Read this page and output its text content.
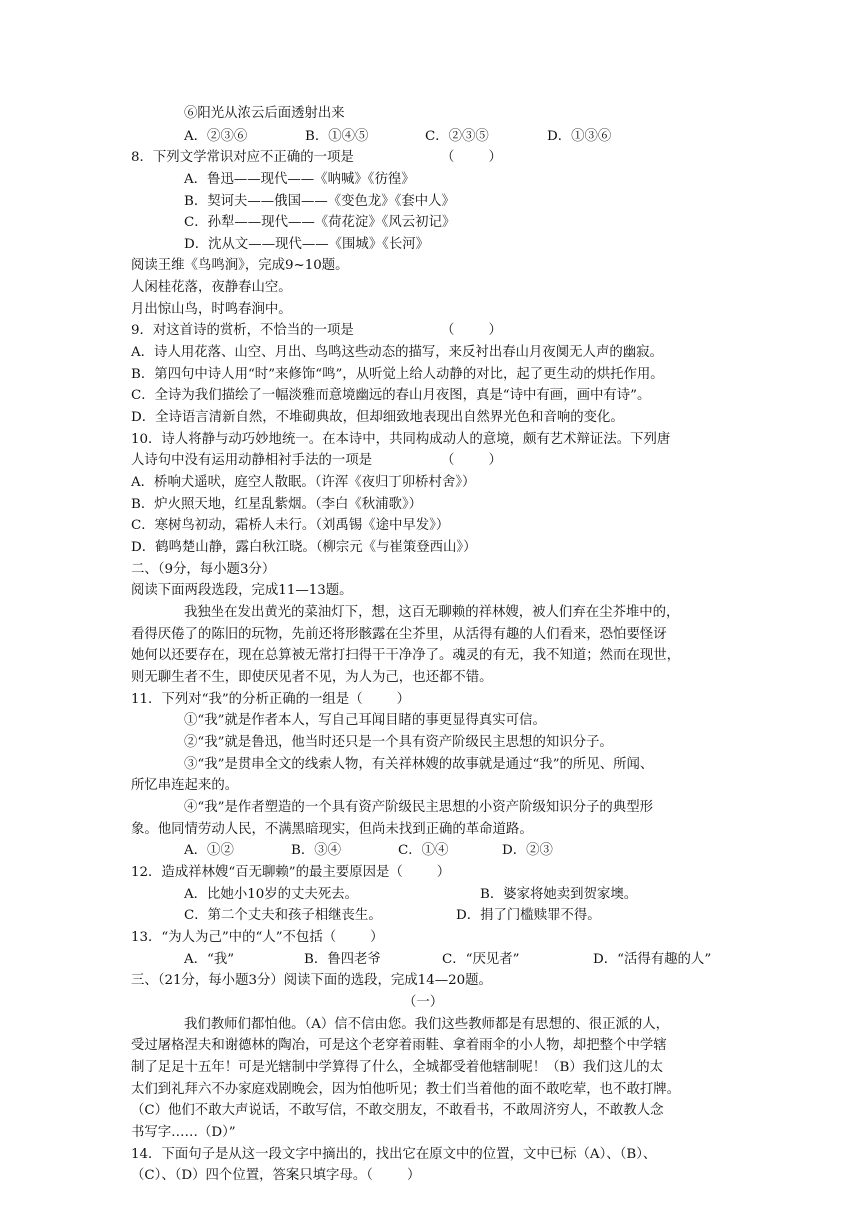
⑥阳光从浓云后面透射出来
A．②③⑥	B．①④⑤	C．②③⑤	D．①③⑥
8．下列文学常识对应不正确的一项是	（        ）
A．鲁迅——现代——《呐喊》《彷徨》
B．契诃夫——俄国——《变色龙》《套中人》
C．孙犁——现代——《荷花淀》《风云初记》
D．沈从文——现代——《围城》《长河》
阅读王维《鸟鸣涧》，完成9~10题。
人闲桂花落，夜静春山空。
月出惊山鸟，时鸣春涧中。
9．对这首诗的赏析，不恰当的一项是	（        ）
A．诗人用花落、山空、月出、鸟鸣这些动态的描写，来反衬出春山月夜阒无人声的幽寂。
B．第四句中诗人用“时”来修饰“鸣”，从听觉上给人动静的对比，起了更生动的烘托作用。
C．全诗为我们描绘了一幅淡雅而意境幽远的春山月夜图，真是“诗中有画，画中有诗”。
D．全诗语言清新自然，不堆砌典故，但却细致地表现出自然界光色和音响的变化。
10．诗人将静与动巧妙地统一。在本诗中，共同构成动人的意境，颇有艺术辩证法。下列唐
人诗句中没有运用动静相衬手法的一项是	（        ）
A．桥响犬遥吠，庭空人散眠。（许浑《夜归丁卯桥村舍》）
B．炉火照天地，红星乱紫烟。（李白《秋浦歌》）
C．寒树鸟初动，霜桥人未行。（刘禹锡《途中早发》）
D．鹤鸣楚山静，露白秋江晓。（柳宗元《与崔策登西山》）
二、（9分，每小题3分）
阅读下面两段选段，完成11—13题。
我独坐在发出黄光的菜油灯下，想，这百无聊赖的祥林嫂，被人们弃在尘芥堆中的，
看得厌倦了的陈旧的玩物，先前还将形骸露在尘芥里，从活得有趣的人们看来，恐怕要怪讶
她何以还要存在，现在总算被无常打扫得干干净净了。魂灵的有无，我不知道；然而在现世，
则无聊生者不生，即使厌见者不见，为人为己，也还都不错。
11．下列对“我”的分析正确的一组是（        ）
①“我”就是作者本人，写自己耳闻目睹的事更显得真实可信。
②“我”就是鲁迅，他当时还只是一个具有资产阶级民主思想的知识分子。
③“我”是贯串全文的线索人物，有关祥林嫂的故事就是通过“我”的所见、所闻、
所忆串连起来的。
④“我”是作者塑造的一个具有资产阶级民主思想的小资产阶级知识分子的典型形
象。他同情劳动人民，不满黑暗现实，但尚未找到正确的革命道路。
A．①②	B．③④	C．①④	D．②③
12．造成祥林嫂“百无聊赖”的最主要原因是（        ）
A．比她小10岁的丈夫死去。	B．婆家将她卖到贺家墺。
C．第二个丈夫和孩子相继丧生。	D．捐了门槛赎罪不得。
13．“为人为己”中的“人”不包括（        ）
A．“我”	B．鲁四老爷	C．“厌见者”	D．“活得有趣的人”
三、（21分，每小题3分）阅读下面的选段，完成14—20题。
（一）
我们教师们都怕他。（A）信不信由您。我们这些教师都是有思想的、很正派的人，
受过屠格涅夫和谢德林的陶冶，可是这个老穿着雨鞋、拿着雨伞的小人物，却把整个中学辖
制了足足十五年！可是光辖制中学算得了什么，全城都受着他辖制呢！（B）我们这儿的太
太们到礼拜六不办家庭戏剧晚会，因为怕他听见；教士们当着他的面不敢吃荤，也不敢打牌。
（C）他们不敢大声说话，不敢写信，不敢交朋友，不敢看书，不敢周济穷人，不敢教人念
书写字……（D）”
14．下面句子是从这一段文字中摘出的，找出它在原文中的位置，文中已标（A）、（B）、
（C）、（D）四个位置，答案只填字母。（        ）
